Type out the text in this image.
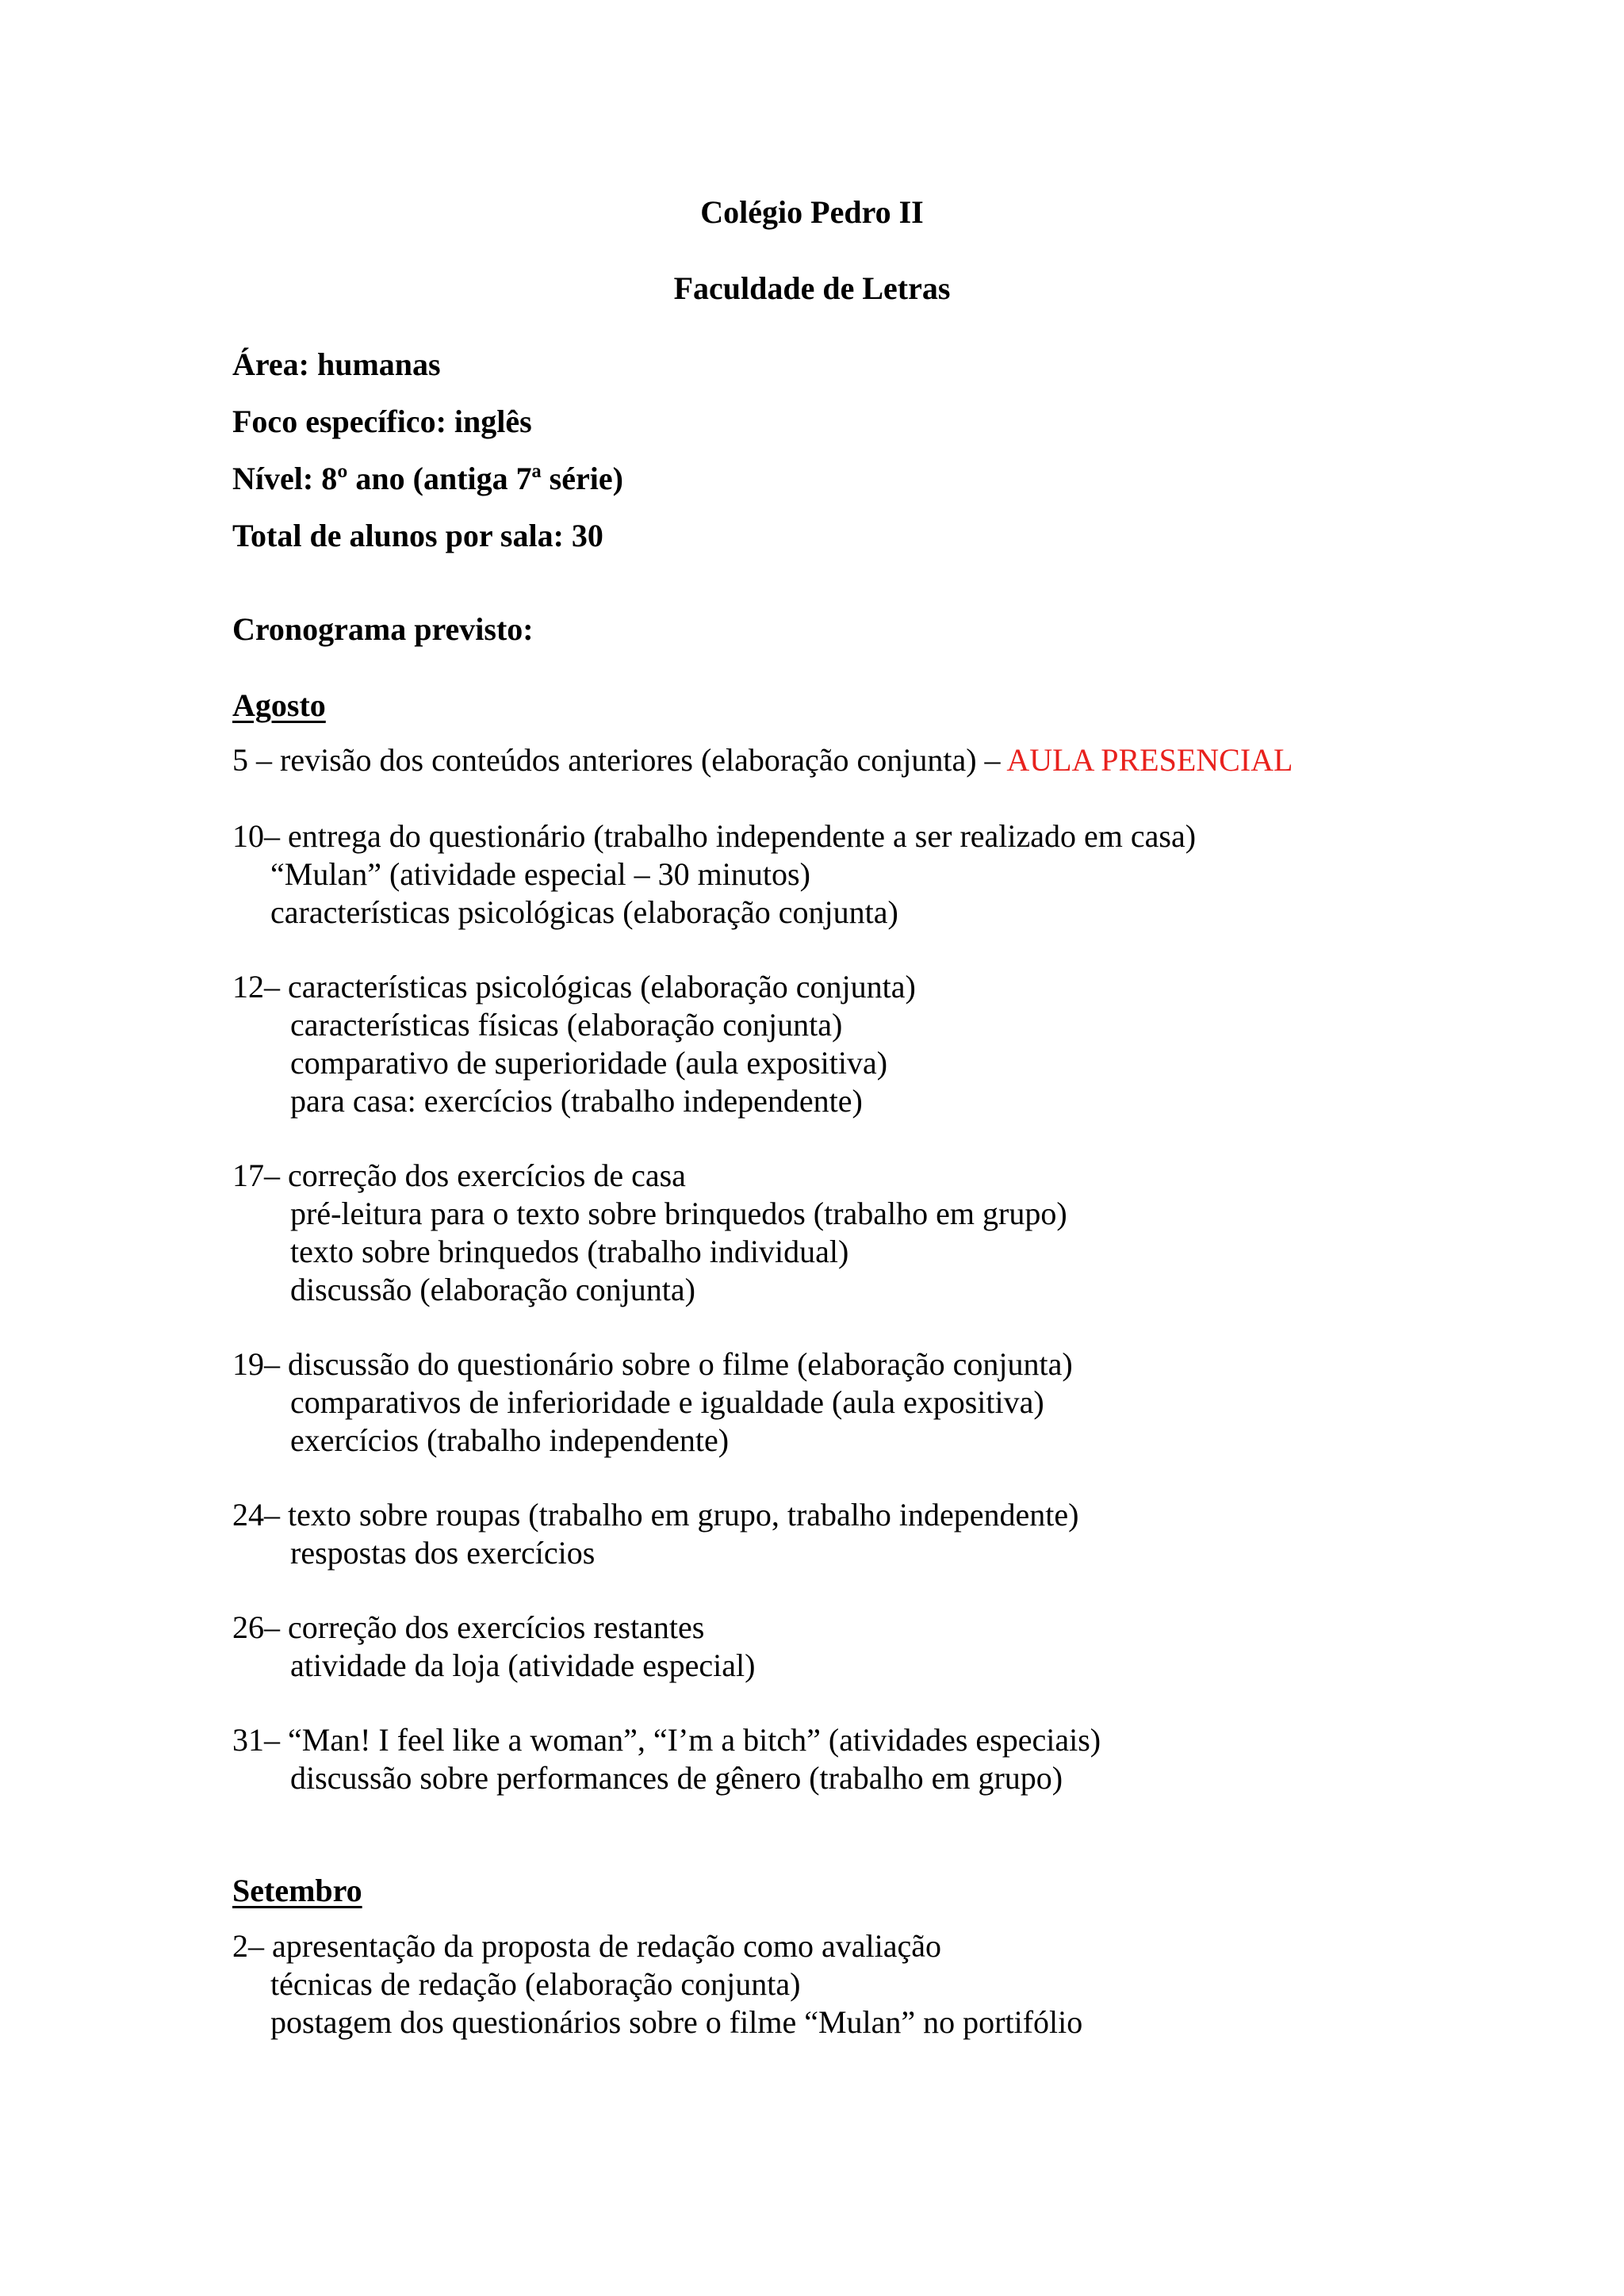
Colégio Pedro II
Faculdade de Letras
Área: humanas
Foco específico: inglês
Nível: 8º ano (antiga 7ª série)
Total de alunos por sala: 30
Cronograma previsto:
Agosto
5 – revisão dos conteúdos anteriores (elaboração conjunta) – AULA PRESENCIAL
10– entrega do questionário (trabalho independente a ser realizado em casa)
“Mulan” (atividade especial – 30 minutos)
características psicológicas (elaboração conjunta)
12– características psicológicas (elaboração conjunta)
características físicas (elaboração conjunta)
comparativo de superioridade (aula expositiva)
para casa: exercícios (trabalho independente)
17– correção dos exercícios de casa
pré-leitura para o texto sobre brinquedos (trabalho em grupo)
texto sobre brinquedos (trabalho individual)
discussão (elaboração conjunta)
19– discussão do questionário sobre o filme (elaboração conjunta)
comparativos de inferioridade e igualdade (aula expositiva)
exercícios (trabalho independente)
24– texto sobre roupas (trabalho em grupo, trabalho independente)
respostas dos exercícios
26– correção dos exercícios restantes
atividade da loja (atividade especial)
31– “Man! I feel like a woman”, “I’m a bitch” (atividades especiais)
discussão sobre performances de gênero (trabalho em grupo)
Setembro
2– apresentação da proposta de redação como avaliação
técnicas de redação (elaboração conjunta)
postagem dos questionários sobre o filme “Mulan” no portifólio
